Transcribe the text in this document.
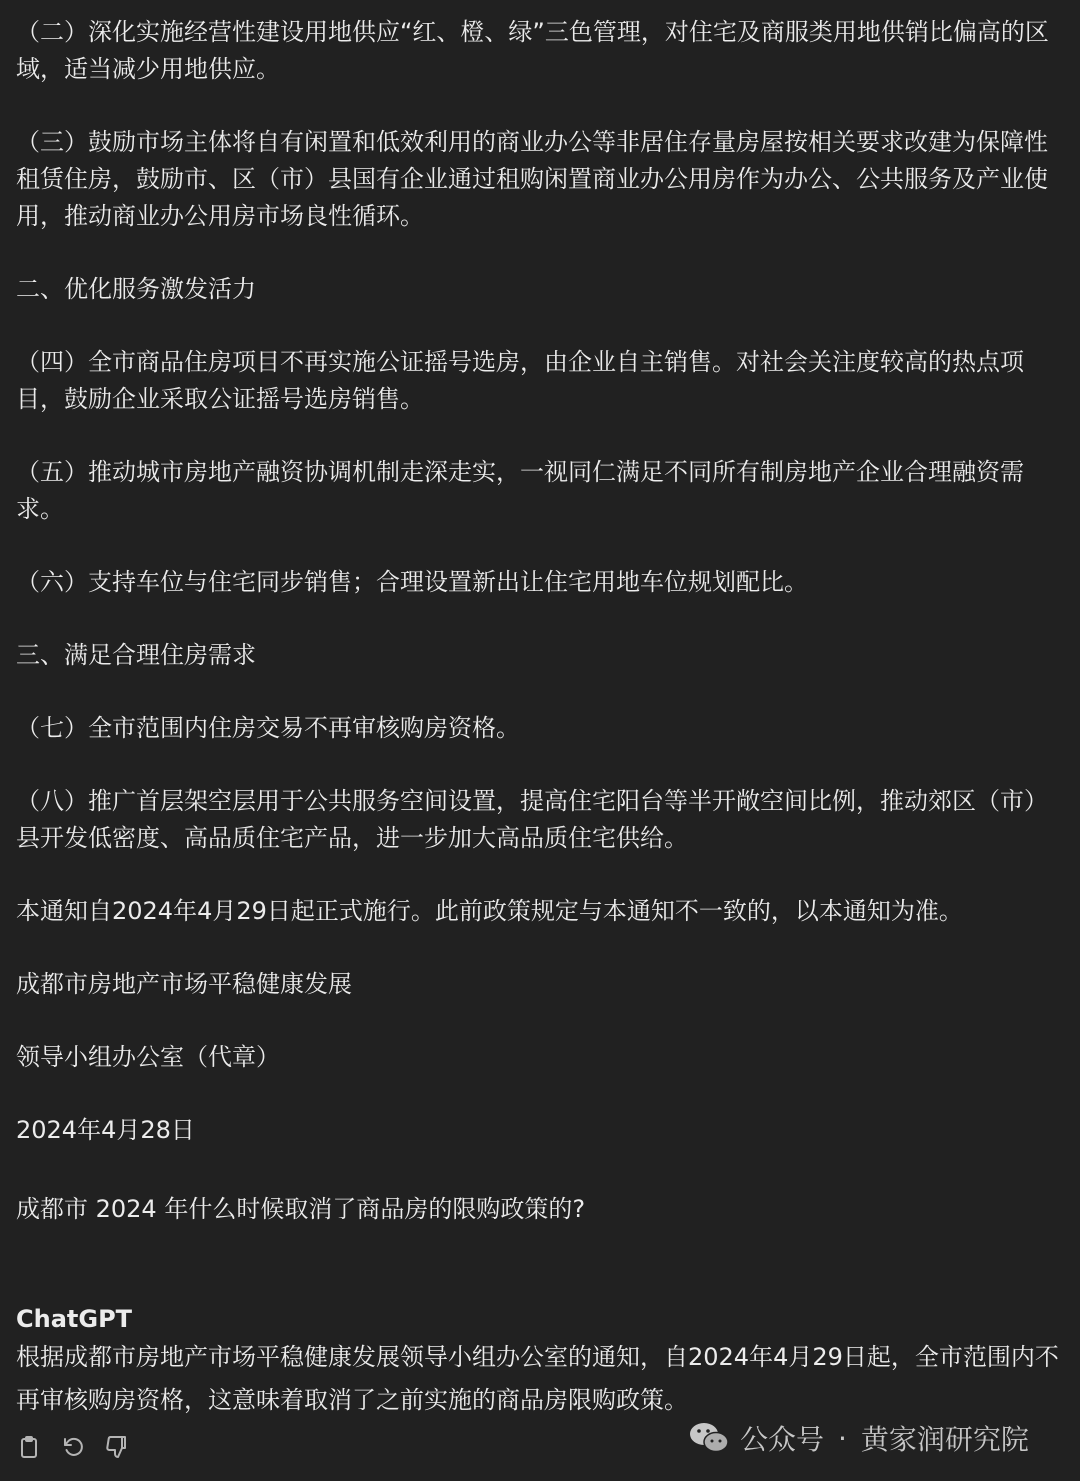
（二）深化实施经营性建设用地供应“红、橙、绿”三色管理，对住宅及商服类用地供销比偏高的区域，适当减少用地供应。

（三）鼓励市场主体将自有闲置和低效利用的商业办公等非居住存量房屋按相关要求改建为保障性租赁住房，鼓励市、区（市）县国有企业通过租购闲置商业办公用房作为办公、公共服务及产业使用，推动商业办公用房市场良性循环。

二、优化服务激发活力

（四）全市商品住房项目不再实施公证摇号选房，由企业自主销售。对社会关注度较高的热点项目，鼓励企业采取公证摇号选房销售。

（五）推动城市房地产融资协调机制走深走实，一视同仁满足不同所有制房地产企业合理融资需求。

（六）支持车位与住宅同步销售；合理设置新出让住宅用地车位规划配比。

三、满足合理住房需求

（七）全市范围内住房交易不再审核购房资格。

（八）推广首层架空层用于公共服务空间设置，提高住宅阳台等半开敞空间比例，推动郊区（市）县开发低密度、高品质住宅产品，进一步加大高品质住宅供给。

本通知自2024年4月29日起正式施行。此前政策规定与本通知不一致的，以本通知为准。

成都市房地产市场平稳健康发展

领导小组办公室（代章）

2024年4月28日

成都市 2024 年什么时候取消了商品房的限购政策的?

ChatGPT

根据成都市房地产市场平稳健康发展领导小组办公室的通知，自2024年4月29日起，全市范围内不再审核购房资格，这意味着取消了之前实施的商品房限购政策。

公众号 · 黄家润研究院
